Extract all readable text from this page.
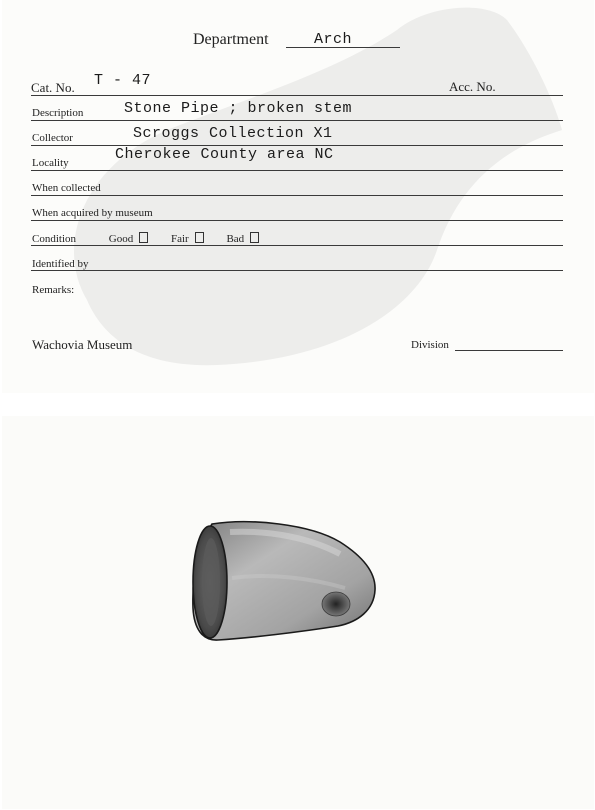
Department	Arch
Cat. No. T - 47	Acc. No.
Description	Stone Pipe ; broken stem
Collector	Scroggs Collection X1
Locality	Cherokee County area NC
When collected
When acquired by museum
Condition	Good	Fair	Bad
Identified by
Remarks:
Wachovia Museum	Division
